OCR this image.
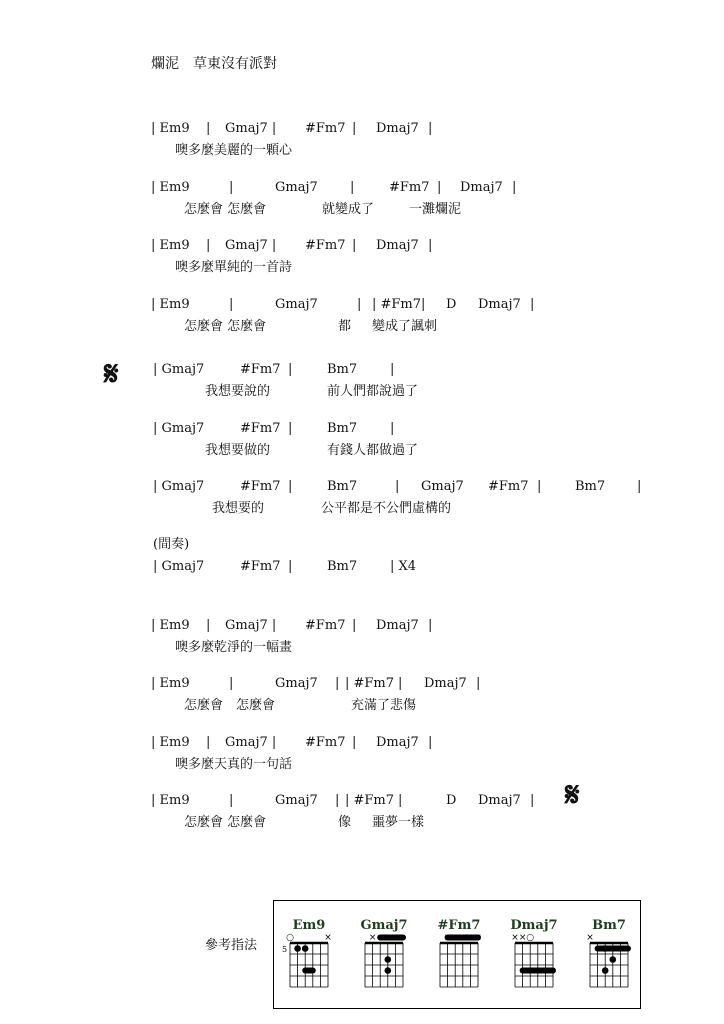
爛泥　草東沒有派對
| Em9 | Gmaj7 | #Fm7 | Dmaj7 |
噢多麼美麗的一顆心
| Em9	|	Gmaj7 |	#Fm7 | Dmaj7 |
怎麼會 怎麼會	就變成了	一灘爛泥
| Em9 | Gmaj7 | #Fm7 | Dmaj7 |
噢多麼單純的一首詩
| Em9	|	Gmaj7	| | #Fm7 | D Dmaj7 |
怎麼會 怎麼會	都 變成了諷刺
| Gmaj7	#Fm7 |	Bm7	|
我想要說的	前人們都說過了
| Gmaj7	#Fm7 |	Bm7	|
我想要做的	有錢人都做過了
| Gmaj7	#Fm7 |	Bm7	| Gmaj7 #Fm7 |	Bm7 |
我想要的	公平都是不公們虛構的
(間奏)
| Gmaj7	#Fm7 |	Bm7	| X4
| Em9 | Gmaj7 | #Fm7 | Dmaj7 |
噢多麼乾淨的一幅畫
| Em9	|	Gmaj7 | | #Fm7 | Dmaj7 |
怎麼會　怎麼會	充滿了悲傷
| Em9 | Gmaj7 | #Fm7 | Dmaj7 |
噢多麼天真的一句話
| Em9	|	Gmaj7 | | #Fm7 |	D Dmaj7 |
怎麼會 怎麼會	像 噩夢一樣
𝄋
𝄋
參考指法
Em9
○	×
5
Gmaj7
×
#Fm7 Dmaj7
× × ○
Bm7
×
